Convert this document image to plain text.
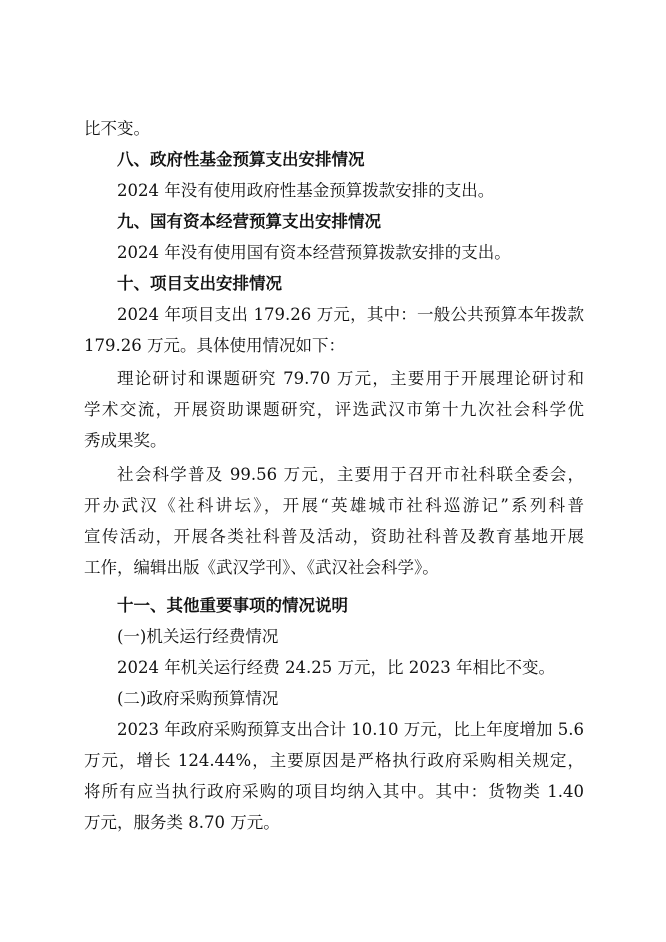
比不变。
八、政府性基金预算支出安排情况
2024 年没有使用政府性基金预算拨款安排的支出。
九、国有资本经营预算支出安排情况
2024 年没有使用国有资本经营预算拨款安排的支出。
十、项目支出安排情况
2024 年项目支出 179.26 万元，其中：一般公共预算本年拨款
179.26 万元。具体使用情况如下：
理论研讨和课题研究 79.70 万元，主要用于开展理论研讨和
学术交流，开展资助课题研究，评选武汉市第十九次社会科学优
秀成果奖。
社会科学普及 99.56 万元，主要用于召开市社科联全委会，
开办武汉《社科讲坛》，开展“英雄城市社科巡游记”系列科普
宣传活动，开展各类社科普及活动，资助社科普及教育基地开展
工作，编辑出版《武汉学刊》、《武汉社会科学》。
十一、其他重要事项的情况说明
(一)机关运行经费情况
2024 年机关运行经费 24.25 万元，比 2023 年相比不变。
(二)政府采购预算情况
2023 年政府采购预算支出合计 10.10 万元，比上年度增加 5.6
万元，增长 124.44%，主要原因是严格执行政府采购相关规定，
将所有应当执行政府采购的项目均纳入其中。其中：货物类 1.40
万元，服务类 8.70 万元。
